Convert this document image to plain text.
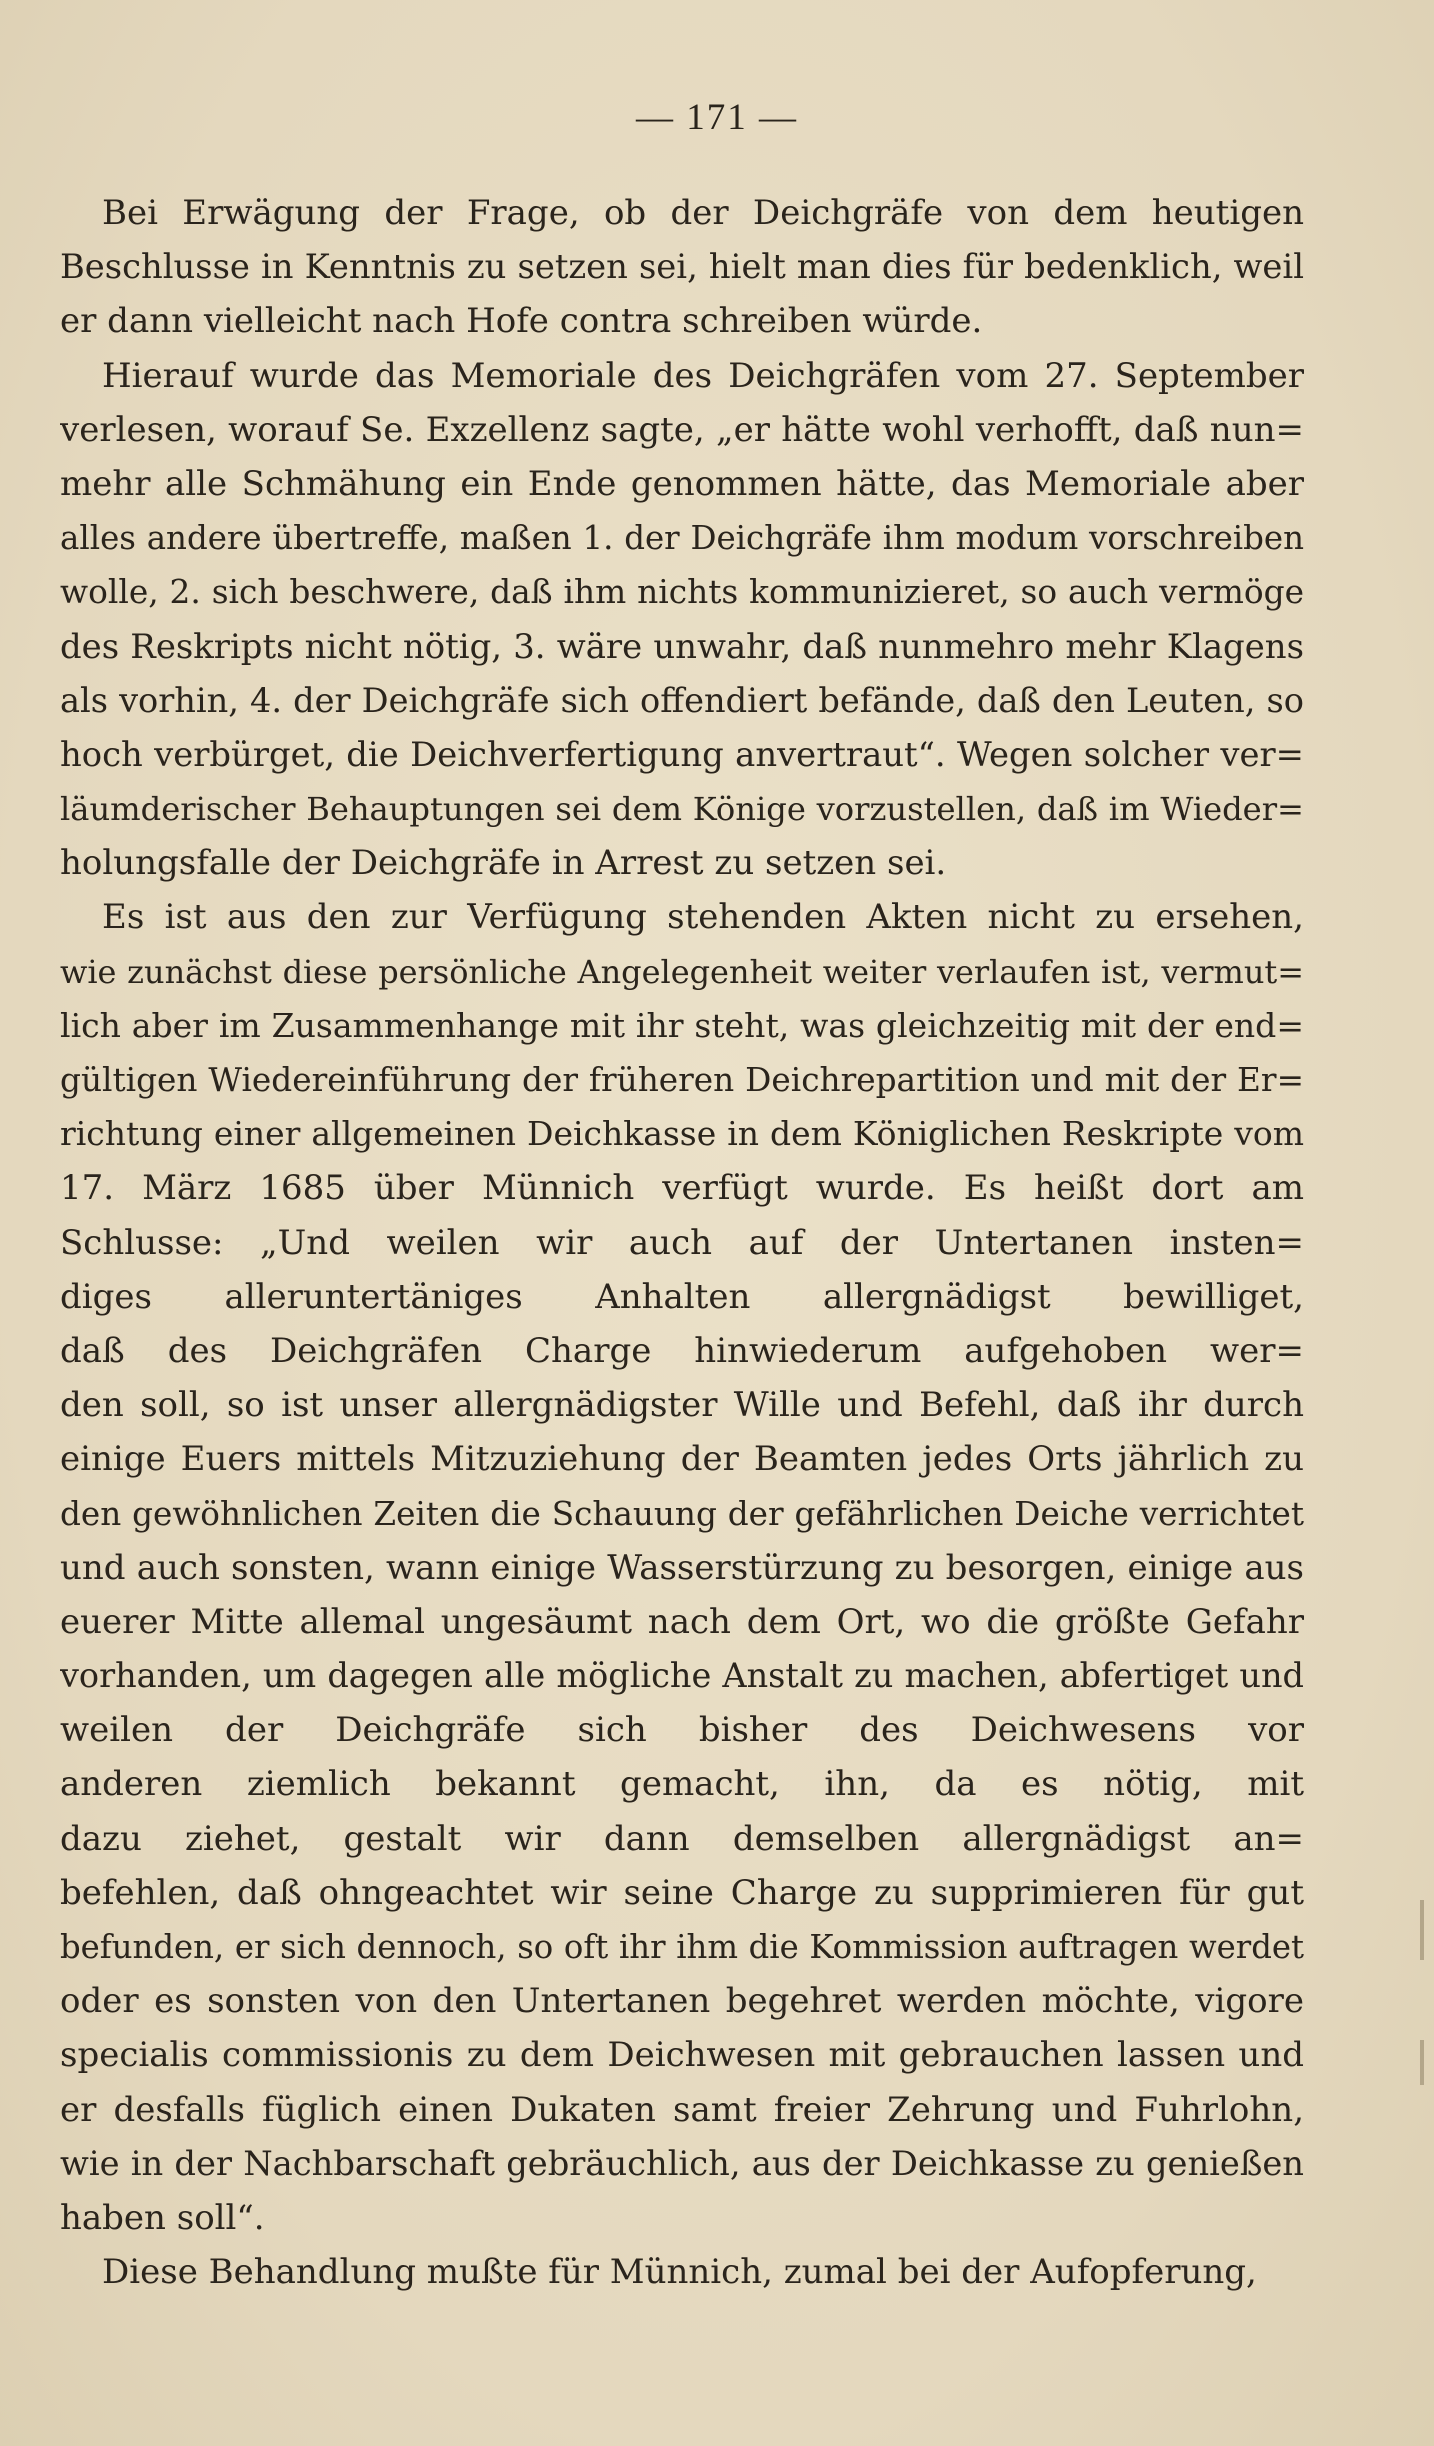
— 171 —
Bei Erwägung der Frage, ob der Deichgräfe von dem heutigen
Beschlusse in Kenntnis zu setzen sei, hielt man dies für bedenklich, weil
er dann vielleicht nach Hofe contra schreiben würde.
Hierauf wurde das Memoriale des Deichgräfen vom 27. September
verlesen, worauf Se. Exzellenz sagte, „er hätte wohl verhofft, daß nun=
mehr alle Schmähung ein Ende genommen hätte, das Memoriale aber
alles andere übertreffe, maßen 1. der Deichgräfe ihm modum vorschreiben
wolle, 2. sich beschwere, daß ihm nichts kommunizieret, so auch vermöge
des Reskripts nicht nötig, 3. wäre unwahr, daß nunmehro mehr Klagens
als vorhin, 4. der Deichgräfe sich offendiert befände, daß den Leuten, so
hoch verbürget, die Deichverfertigung anvertraut“. Wegen solcher ver=
läumderischer Behauptungen sei dem Könige vorzustellen, daß im Wieder=
holungsfalle der Deichgräfe in Arrest zu setzen sei.
Es ist aus den zur Verfügung stehenden Akten nicht zu ersehen,
wie zunächst diese persönliche Angelegenheit weiter verlaufen ist, vermut=
lich aber im Zusammenhange mit ihr steht, was gleichzeitig mit der end=
gültigen Wiedereinführung der früheren Deichrepartition und mit der Er=
richtung einer allgemeinen Deichkasse in dem Königlichen Reskripte vom
17. März 1685 über Münnich verfügt wurde. Es heißt dort am
Schlusse: „Und weilen wir auch auf der Untertanen insten=
diges alleruntertäniges Anhalten allergnädigst bewilliget,
daß des Deichgräfen Charge hinwiederum aufgehoben wer=
den soll, so ist unser allergnädigster Wille und Befehl, daß ihr durch
einige Euers mittels Mitzuziehung der Beamten jedes Orts jährlich zu
den gewöhnlichen Zeiten die Schauung der gefährlichen Deiche verrichtet
und auch sonsten, wann einige Wasserstürzung zu besorgen, einige aus
euerer Mitte allemal ungesäumt nach dem Ort, wo die größte Gefahr
vorhanden, um dagegen alle mögliche Anstalt zu machen, abfertiget und
weilen der Deichgräfe sich bisher des Deichwesens vor
anderen ziemlich bekannt gemacht, ihn, da es nötig, mit
dazu ziehet, gestalt wir dann demselben allergnädigst an=
befehlen, daß ohngeachtet wir seine Charge zu supprimieren für gut
befunden, er sich dennoch, so oft ihr ihm die Kommission auftragen werdet
oder es sonsten von den Untertanen begehret werden möchte, vigore
specialis commissionis zu dem Deichwesen mit gebrauchen lassen und
er desfalls füglich einen Dukaten samt freier Zehrung und Fuhrlohn,
wie in der Nachbarschaft gebräuchlich, aus der Deichkasse zu genießen
haben soll“.
Diese Behandlung mußte für Münnich, zumal bei der Aufopferung,
